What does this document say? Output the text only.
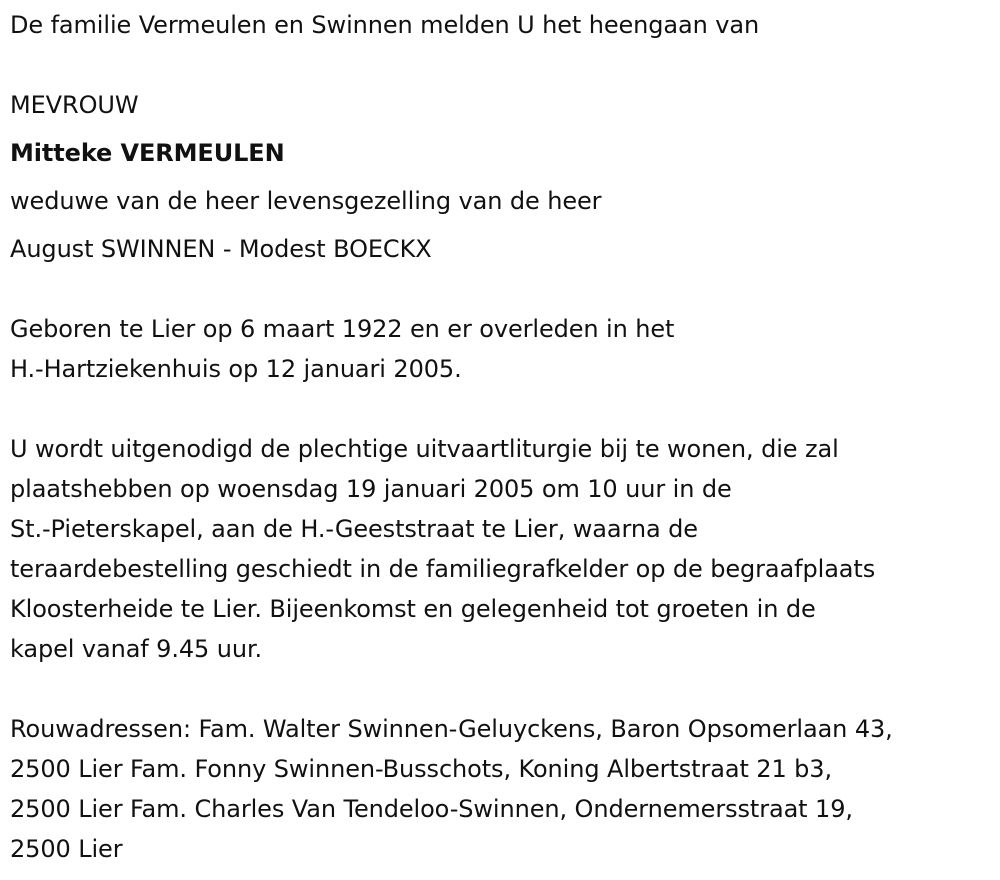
De familie Vermeulen en Swinnen melden U het heengaan van
MEVROUW
Mitteke VERMEULEN
weduwe van de heer levensgezelling van de heer
August SWINNEN - Modest BOECKX
Geboren te Lier op 6 maart 1922 en er overleden in het
H.-Hartziekenhuis op 12 januari 2005.
U wordt uitgenodigd de plechtige uitvaartliturgie bij te wonen, die zal
plaatshebben op woensdag 19 januari 2005 om 10 uur in de
St.-Pieterskapel, aan de H.-Geeststraat te Lier, waarna de
teraardebestelling geschiedt in de familiegrafkelder op de begraafplaats
Kloosterheide te Lier. Bijeenkomst en gelegenheid tot groeten in de
kapel vanaf 9.45 uur.
Rouwadressen: Fam. Walter Swinnen-Geluyckens, Baron Opsomerlaan 43,
2500 Lier Fam. Fonny Swinnen-Busschots, Koning Albertstraat 21 b3,
2500 Lier Fam. Charles Van Tendeloo-Swinnen, Ondernemersstraat 19,
2500 Lier
